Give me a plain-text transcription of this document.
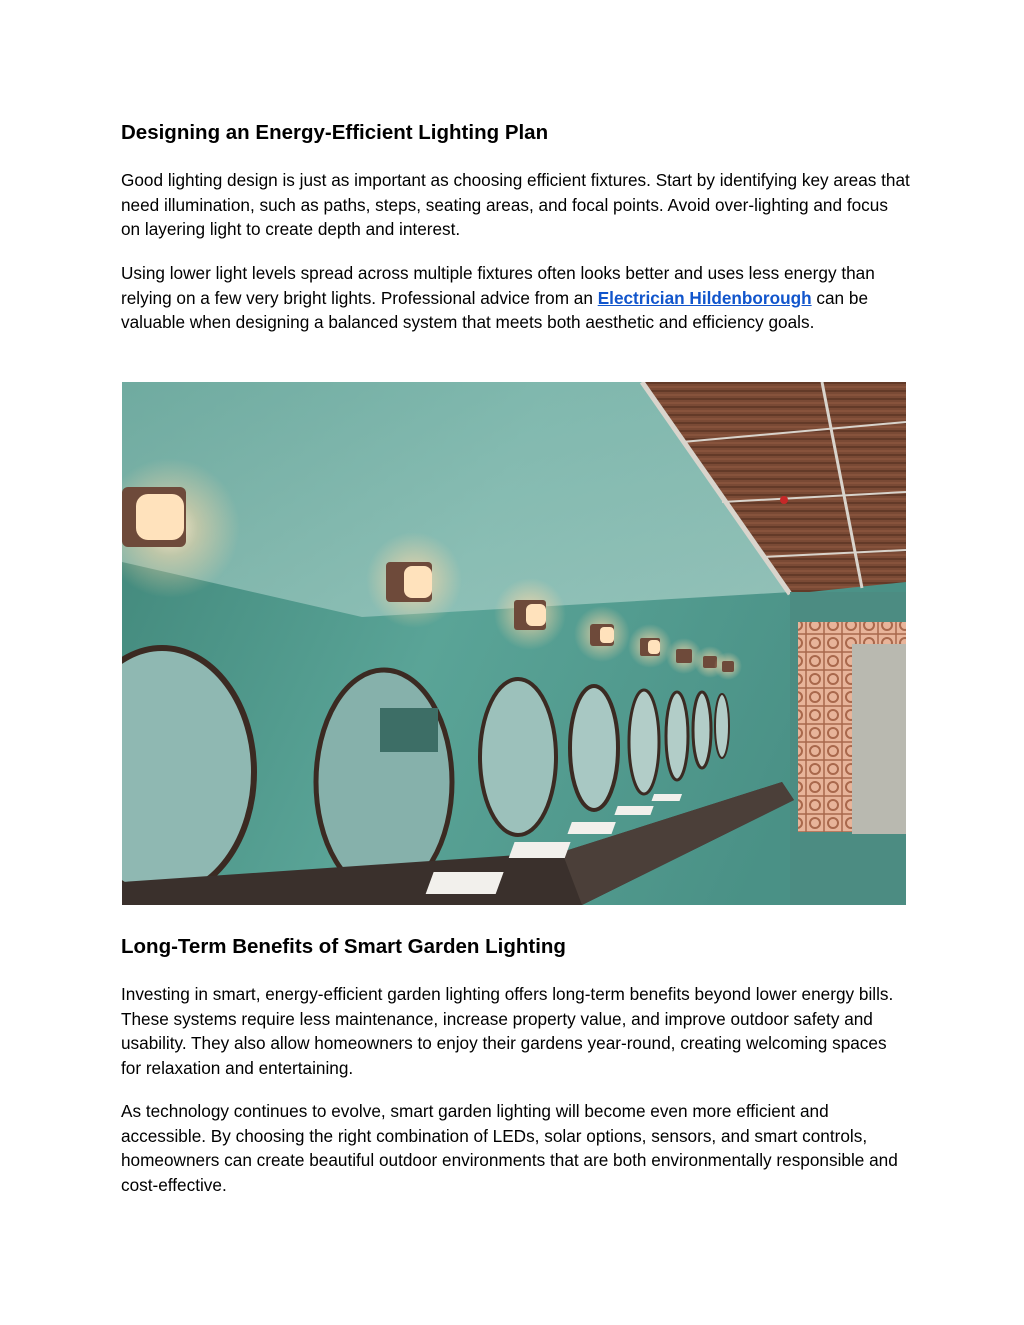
Designing an Energy-Efficient Lighting Plan

Good lighting design is just as important as choosing efficient fixtures. Start by identifying key areas that need illumination, such as paths, steps, seating areas, and focal points. Avoid over-lighting and focus on layering light to create depth and interest.

Using lower light levels spread across multiple fixtures often looks better and uses less energy than relying on a few very bright lights. Professional advice from an Electrician Hildenborough can be valuable when designing a balanced system that meets both aesthetic and efficiency goals.

Long-Term Benefits of Smart Garden Lighting

Investing in smart, energy-efficient garden lighting offers long-term benefits beyond lower energy bills. These systems require less maintenance, increase property value, and improve outdoor safety and usability. They also allow homeowners to enjoy their gardens year-round, creating welcoming spaces for relaxation and entertaining.

As technology continues to evolve, smart garden lighting will become even more efficient and accessible. By choosing the right combination of LEDs, solar options, sensors, and smart controls, homeowners can create beautiful outdoor environments that are both environmentally responsible and cost-effective.
